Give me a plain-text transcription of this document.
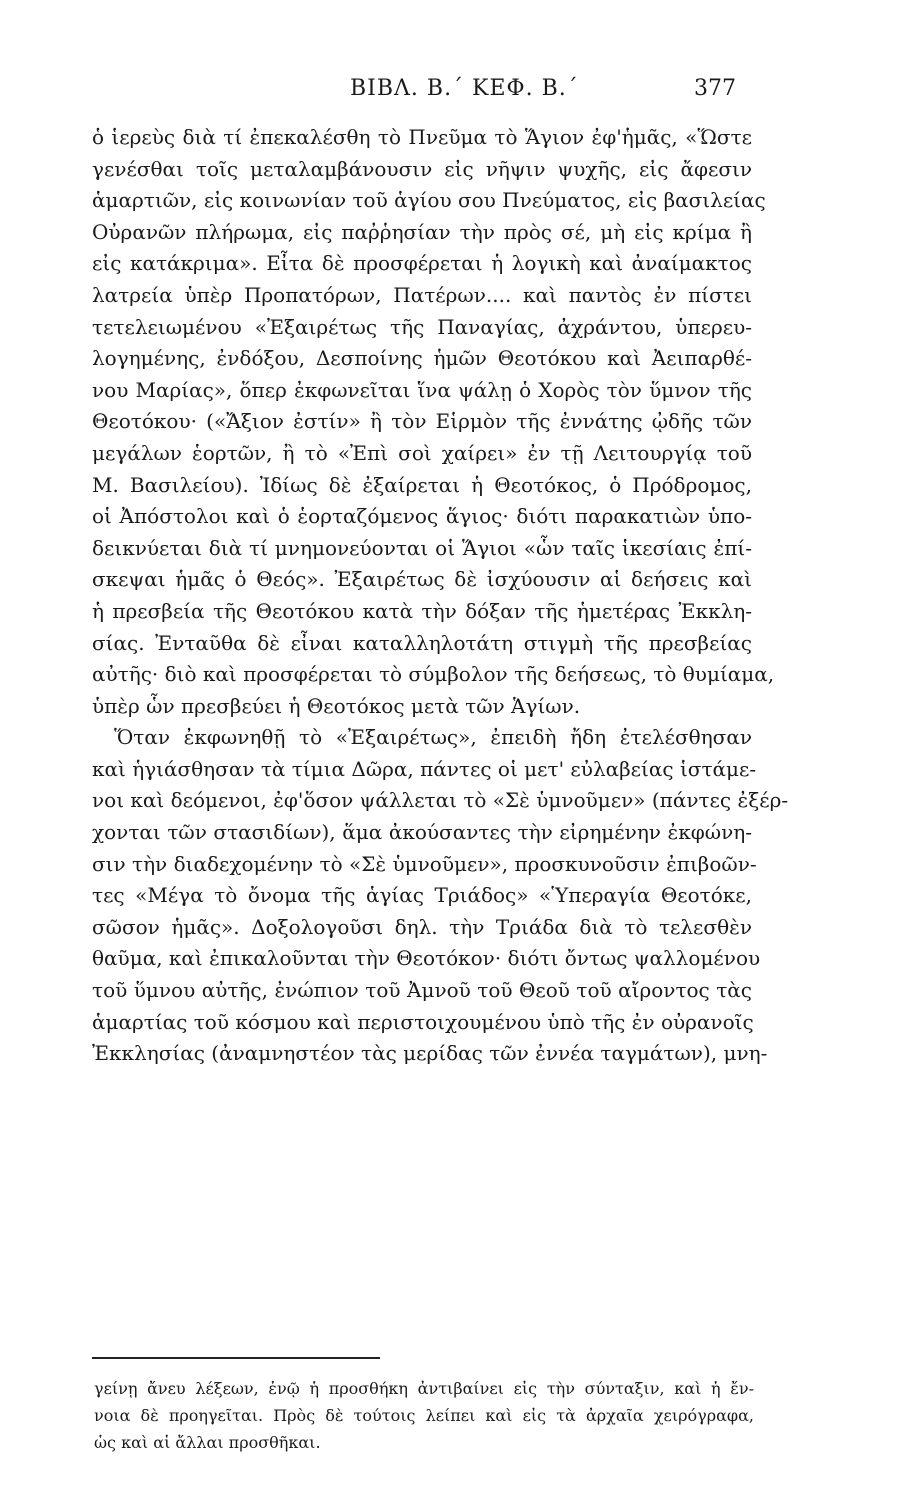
ΒΙΒΛ. Β.΄ ΚΕΦ. Β.΄	377
ὁ ἱερεὺς διὰ τί ἐπεκαλέσθη τὸ Πνεῦμα τὸ Ἅγιον ἐφ'ἡμᾶς, «Ὥστε
γενέσθαι τοῖς μεταλαμβάνουσιν εἰς νῆψιν ψυχῆς, εἰς ἄφεσιν
ἁμαρτιῶν, εἰς κοινωνίαν τοῦ ἁγίου σου Πνεύματος, εἰς βασιλείας
Οὐρανῶν πλήρωμα, εἰς παῤῥησίαν τὴν πρὸς σέ, μὴ εἰς κρίμα ἢ
εἰς κατάκριμα». Εἶτα δὲ προσφέρεται ἡ λογικὴ καὶ ἀναίμακτος
λατρεία ὑπὲρ Προπατόρων, Πατέρων.... καὶ παντὸς ἐν πίστει
τετελειωμένου «Ἐξαιρέτως τῆς Παναγίας, ἀχράντου, ὑπερευ-
λογημένης, ἐνδόξου, Δεσποίνης ἡμῶν Θεοτόκου καὶ Ἀειπαρθέ-
νου Μαρίας», ὅπερ ἐκφωνεῖται ἵνα ψάλῃ ὁ Χορὸς τὸν ὕμνον τῆς
Θεοτόκου· («Ἄξιον ἐστίν» ἢ τὸν Εἱρμὸν τῆς ἐννάτης ᾠδῆς τῶν
μεγάλων ἑορτῶν, ἢ τὸ «Ἐπὶ σοὶ χαίρει» ἐν τῇ Λειτουργίᾳ τοῦ
Μ. Βασιλείου). Ἰδίως δὲ ἐξαίρεται ἡ Θεοτόκος, ὁ Πρόδρομος,
οἱ Ἀπόστολοι καὶ ὁ ἑορταζόμενος ἅγιος· διότι παρακατιὼν ὑπο-
δεικνύεται διὰ τί μνημονεύονται οἱ Ἅγιοι «ὧν ταῖς ἱκεσίαις ἐπί-
σκεψαι ἡμᾶς ὁ Θεός». Ἐξαιρέτως δὲ ἰσχύουσιν αἱ δεήσεις καὶ
ἡ πρεσβεία τῆς Θεοτόκου κατὰ τὴν δόξαν τῆς ἡμετέρας Ἐκκλη-
σίας. Ἐνταῦθα δὲ εἶναι καταλληλοτάτη στιγμὴ τῆς πρεσβείας
αὐτῆς· διὸ καὶ προσφέρεται τὸ σύμβολον τῆς δεήσεως, τὸ θυμίαμα,
ὑπὲρ ὧν πρεσβεύει ἡ Θεοτόκος μετὰ τῶν Ἁγίων.
Ὅταν ἐκφωνηθῇ τὸ «Ἐξαιρέτως», ἐπειδὴ ἤδη ἐτελέσθησαν
καὶ ἡγιάσθησαν τὰ τίμια Δῶρα, πάντες οἱ μετ' εὐλαβείας ἱστάμε-
νοι καὶ δεόμενοι, ἐφ'ὅσον ψάλλεται τὸ «Σὲ ὑμνοῦμεν» (πάντες ἐξέρ-
χονται τῶν στασιδίων), ἅμα ἀκούσαντες τὴν εἰρημένην ἐκφώνη-
σιν τὴν διαδεχομένην τὸ «Σὲ ὑμνοῦμεν», προσκυνοῦσιν ἐπιβοῶν-
τες «Μέγα τὸ ὄνομα τῆς ἁγίας Τριάδος» «Ὑπεραγία Θεοτόκε,
σῶσον ἡμᾶς». Δοξολογοῦσι δηλ. τὴν Τριάδα διὰ τὸ τελεσθὲν
θαῦμα, καὶ ἐπικαλοῦνται τὴν Θεοτόκον· διότι ὄντως ψαλλομένου
τοῦ ὕμνου αὐτῆς, ἐνώπιον τοῦ Ἀμνοῦ τοῦ Θεοῦ τοῦ αἴροντος τὰς
ἁμαρτίας τοῦ κόσμου καὶ περιστοιχουμένου ὑπὸ τῆς ἐν οὐρανοῖς
Ἐκκλησίας (ἀναμνηστέον τὰς μερίδας τῶν ἐννέα ταγμάτων), μνη-
γείνῃ ἄνευ λέξεων, ἐνῷ ἡ προσθήκη ἀντιβαίνει εἰς τὴν σύνταξιν, καὶ ἡ ἔν-
νοια δὲ προηγεῖται. Πρὸς δὲ τούτοις λείπει καὶ εἰς τὰ ἀρχαῖα χειρόγραφα,
ὡς καὶ αἱ ἄλλαι προσθῆκαι.
